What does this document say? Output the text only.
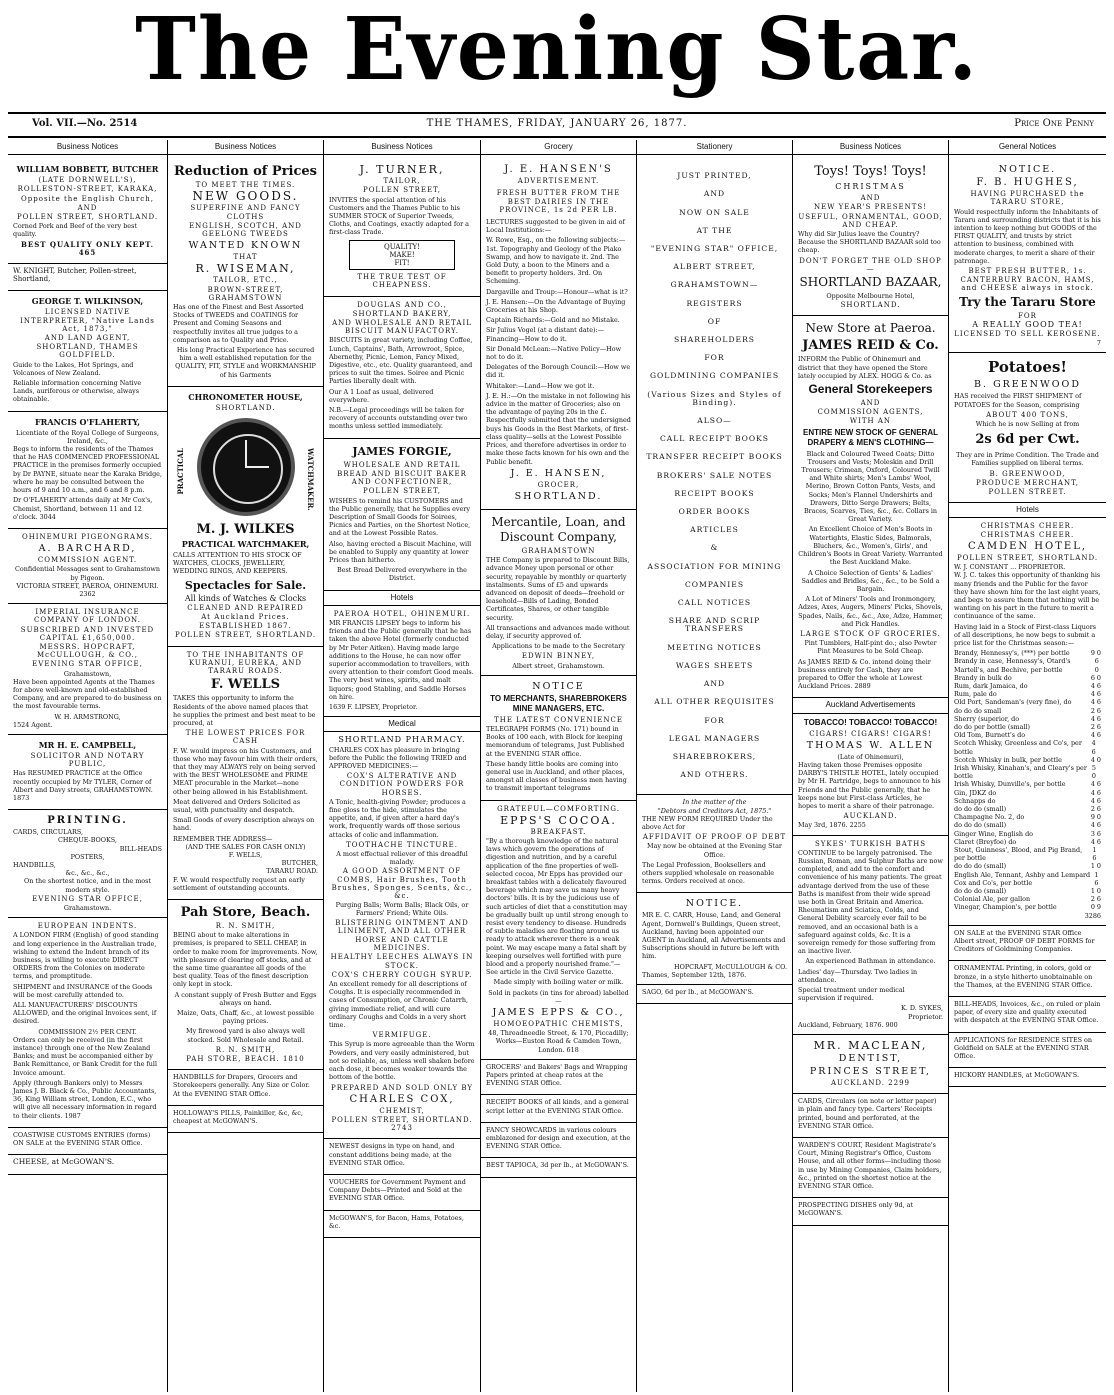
The Evening Star.
Vol. VII.—No. 2514	THE THAMES, FRIDAY, JANUARY 26, 1877.	Price One Penny
Business Notices
WILLIAM BOBBETT, BUTCHER
(LATE DORNWELL'S),
ROLLESTON-STREET, KARAKA,
Opposite the English Church,
AND
POLLEN STREET, SHORTLAND.

Corned Pork and Beef of the very best quality.

BEST QUALITY ONLY KEPT. 465

W. KNIGHT, Butcher, Pollen-street, Shortland,

GEORGE T. WILKINSON,
LICENSED NATIVE INTERPRETER, "Native Lands Act, 1873,"
AND LAND AGENT,
SHORTLAND, THAMES GOLDFIELD.

Guide to the Lakes, Hot Springs, and Volcanoes of New Zealand.

Reliable information concerning Native Lands, auriferous or otherwise, always obtainable.

FRANCIS O'FLAHERTY,
Licentiate of the Royal College of Surgeons, Ireland, &c.,

Begs to inform the residents of the Thames that he HAS COMMENCED PROFESSIONAL PRACTICE in the premises formerly occupied by Dr PAYNE, situate near the Karaka Bridge, where he may be consulted between the hours of 9 and 10 a.m., and 6 and 8 p.m.

Dr O'FLAHERTY attends daily at Mr Cox's, Chemist, Shortland, between 11 and 12 o'clock. 3044

OHINEMURI PIGEONGRAMS.
A. BARCHARD,
COMMISSION AGENT.
Confidential Messages sent to Grahamstown by Pigeon.
VICTORIA STREET, PAEROA, OHINEMURI. 2362
IMPERIAL INSURANCE COMPANY OF LONDON.
SUBSCRIBED AND INVESTED CAPITAL £1,650,000.
MESSRS. HOPCRAFT, McCULLOUGH, & CO.,
EVENING STAR OFFICE,
Grahamstown,

Have been appointed Agents at the Thames for above well-known and old-established Company, and are prepared to do business on the most favourable terms.

W. H. ARMSTRONG,
1524 Agent.
MR H. E. CAMPBELL,
SOLICITOR AND NOTARY PUBLIC,

Has RESUMED PRACTICE at the Office recently occupied by Mr TYLER, Corner of Albert and Davy streets, GRAHAMSTOWN. 1873

PRINTING.
CARDS, CIRCULARS,
CHEQUE-BOOKS,
BILL-HEADS
POSTERS,
HANDBILLS,
&c., &c., &c.,
On the shortest notice, and in the most modern style.
EVENING STAR OFFICE,
Grahamstown.
EUROPEAN INDENTS.

A LONDON FIRM (English) of good standing and long experience in the Australian trade, wishing to extend the Indent branch of its business, is willing to execute DIRECT ORDERS from the Colonies on moderate terms, and promptitude.

SHIPMENT and INSURANCE of the Goods will be most carefully attended to.

ALL MANUFACTURERS' DISCOUNTS ALLOWED, and the original Invoices sent, if desired.

COMMISSION 2½ PER CENT.

Orders can only be received (in the first instance) through one of the New Zealand Banks; and must be accompanied either by Bank Remittance, or Bank Credit for the full Invoice amount.

Apply (through Bankers only) to Messrs James J. B. Black & Co., Public Accountants, 36, King William street, London, E.C., who will give all necessary information in regard to their clients. 1987

COASTWISE CUSTOMS ENTRIES (forms) ON SALE at the EVENING STAR Office.

CHEESE, at McGOWAN'S.

Business Notices
Reduction of Prices
TO MEET THE TIMES.
NEW GOODS.
SUPERFINE AND FANCY CLOTHS
ENGLISH, SCOTCH, AND GEELONG TWEEDS
WANTED KNOWN
THAT
R. WISEMAN,
TAILOR, ETC.,
BROWN-STREET, GRAHAMSTOWN

Has one of the Finest and Best Assorted Stocks of TWEEDS and COATINGS for Present and Coming Seasons and respectfully invites all true judges to a comparison as to Quality and Price.

His long Practical Experience has secured him a well established reputation for the QUALITY, FIT, STYLE and WORKMANSHIP of his Garments

CHRONOMETER HOUSE,
SHORTLAND.
PRACTICAL	WATCHMAKER.
M. J. WILKES
PRACTICAL WATCHMAKER,

CALLS ATTENTION TO HIS STOCK OF WATCHES, CLOCKS, JEWELLERY, WEDDING RINGS, AND KEEPERS.

Spectacles for Sale.
All kinds of Watches & Clocks
CLEANED AND REPAIRED
At Auckland Prices.
ESTABLISHED 1867.
POLLEN STREET, SHORTLAND.
TO THE INHABITANTS OF KURANUI, EUREKA, AND TARARU ROADS.
F. WELLS

TAKES this opportunity to inform the Residents of the above named places that he supplies the primest and best meat to be procured, at

THE LOWEST PRICES FOR CASH

F. W. would impress on his Customers, and those who may favour him with their orders, that they may ALWAYS rely on being served with the BEST WHOLESOME and PRIME MEAT procurable in the Market—none other being allowed in his Establishment.

Meat delivered and Orders Solicited as usual, with punctuality and despatch.

Small Goods of every description always on hand.

REMEMBER THE ADDRESS—
(AND THE SALES FOR CASH ONLY)
F. WELLS,
BUTCHER,
TARARU ROAD.

F. W. would respectfully request an early settlement of outstanding accounts.

Pah Store, Beach.
R. N. SMITH,

BEING about to make alterations in premises, is prepared to SELL CHEAP, in order to make room for improvements. Now, with pleasure of clearing off stocks, and at the same time guarantee all goods of the best quality. Teas of the finest description only kept in stock.

A constant supply of Fresh Butter and Eggs always on hand.

Maize, Oats, Chaff, &c., at lowest possible paying prices.

My firewood yard is also always well stocked. Sold Wholesale and Retail.

R. N. SMITH,
PAH STORE, BEACH. 1810

HANDBILLS for Drapers, Grocers and Storekeepers generally. Any Size or Color. At the EVENING STAR Office.

HOLLOWAY'S PILLS, Painkiller, &c, &c, cheapest at McGOWAN'S.

Business Notices
J. TURNER,
TAILOR,
POLLEN STREET,

INVITES the special attention of his Customers and the Thames Public to his SUMMER STOCK of Superior Tweeds, Cloths, and Coatings, exactly adapted for a first-class Trade.

QUALITY!
MAKE!
FIT!
THE TRUE TEST OF CHEAPNESS.
DOUGLAS AND CO.,
SHORTLAND BAKERY,
AND WHOLESALE AND RETAIL BISCUIT MANUFACTORY.

BISCUITS in great variety, including Coffee, Lunch, Captains', Bath, Arrowroot, Spice, Abernethy, Picnic, Lemon, Fancy Mixed, Digestive, etc., etc. Quality guaranteed, and prices to suit the times. Soiree and Picnic Parties liberally dealt with.

Our A 1 Loaf as usual, delivered everywhere.

N.B.—Legal proceedings will be taken for recovery of accounts outstanding over two months unless settled immediately.

JAMES FORGIE,
WHOLESALE AND RETAIL
BREAD AND BISCUIT BAKER AND CONFECTIONER,
POLLEN STREET,

WISHES to remind his CUSTOMERS and the Public generally, that he Supplies every Description of Small Goods for Soirees, Picnics and Parties, on the Shortest Notice, and at the Lowest Possible Rates.

Also, having erected a Biscuit Machine, will be enabled to Supply any quantity at lower Prices than hitherto.

Best Bread Delivered everywhere in the District.

Hotels
PAEROA HOTEL, OHINEMURI.

MR FRANCIS LIPSEY begs to inform his friends and the Public generally that he has taken the above Hotel (formerly conducted by Mr Peter Aitken). Having made large additions to the House, he can now offer superior accommodation to travellers, with every attention to their comfort Good meals. The very best wines, spirits, and malt liquors; good Stabling, and Saddle Horses on hire.

1639 F. LIPSEY, Proprietor.
Medical
SHORTLAND PHARMACY.

CHARLES COX has pleasure in bringing before the Public the following TRIED and APPROVED MEDICINES:—

COX'S ALTERATIVE AND CONDITION POWDERS FOR HORSES.

A Tonic, health-giving Powder; produces a fine gloss to the hide, stimulates the appetite, and, if given after a hard day's work, frequently wards off those serious attacks of colic and inflammation.

TOOTHACHE TINCTURE.
A most effectual reliever of this dreadful malady.
A GOOD ASSORTMENT OF COMBS, Hair Brushes, Tooth Brushes, Sponges, Scents, &c., &c.
Purging Balls; Worm Balls; Black Oils, or Farmers' Friend; White Oils.
BLISTERING OINTMENT AND LINIMENT, AND ALL OTHER
HORSE AND CATTLE MEDICINES.
HEALTHY LEECHES ALWAYS IN STOCK.
COX'S CHERRY COUGH SYRUP.

An excellent remedy for all descriptions of Coughs. It is especially recommended in cases of Consumption, or Chronic Catarrh, giving immediate relief, and will cure ordinary Coughs and Colds in a very short time.

VERMIFUGE.

This Syrup is more agreeable than the Worm Powders, and very easily administered, but not so reliable, as, unless well shaken before each dose, it becomes weaker towards the bottom of the bottle.

PREPARED AND SOLD ONLY BY
CHARLES COX,
CHEMIST,
POLLEN STREET, SHORTLAND. 2743

NEWEST designs in type on hand, and constant additions being made, at the EVENING STAR Office.

VOUCHERS for Government Payment and Company Debts—Printed and Sold at the EVENING STAR Office.

McGOWAN'S, for Bacon, Hams, Potatoes, &c.

Grocery
J. E. HANSEN'S
ADVERTISEMENT.
FRESH BUTTER FROM THE BEST DAIRIES IN THE PROVINCE, 1s 2d PER LB.

LECTURES suggested to be given in aid of Local Institutions:—

W. Rowe, Esq., on the following subjects:—1st. Topography and Geology of the Piako Swamp, and how to navigate it. 2nd. The Gold Duty, a boon to the Miners and a benefit to property holders. 3rd. On Scheming.

Dargaville and Troup:—Honour—what is it?

J. E. Hansen:—On the Advantage of Buying Groceries at his Shop.

Captain Richards:—Gold and no Mistake.

Sir Julius Vogel (at a distant date):—Financing—How to do it.

Sir Donald McLean:—Native Policy—How not to do it.

Delegates of the Borough Council:—How we did it.

Whitaker:—Land—How we got it.

J. E. H.:—On the mistake in not following his advice in the matter of Groceries; also on the advantage of paying 20s in the £. Respectfully submitted that the undersigned buys his Goods in the Best Markets, of first-class quality—sells at the Lowest Possible Prices, and therefore advertises in order to make these facts known for his own and the Public benefit.

J. E. HANSEN,
GROCER,
SHORTLAND.
Mercantile, Loan, and Discount Company,
GRAHAMSTOWN

THE Company is prepared to Discount Bills, advance Money upon personal or other security, repayable by monthly or quarterly instalments. Sums of £5 and upwards advanced on deposit of deeds—freehold or leasehold—Bills of Lading, Bonded Certificates, Shares, or other tangible security.

All transactions and advances made without delay, if security approved of.

Applications to be made to the Secretary

EDWIN BINNEY,
Albert street, Grahamstown.
NOTICE
TO MERCHANTS, SHAREBROKERS MINE MANAGERS, ETC.
THE LATEST CONVENIENCE

TELEGRAPH FORMS (No. 171) bound in Books of 100 each, with Block for keeping memorandum of telegrams, Just Published at the EVENING STAR office.

These handy little books are coming into general use in Auckland, and other places, amongst all classes of business men having to transmit important telegrams

GRATEFUL—COMFORTING.
EPPS'S COCOA.
BREAKFAST.

"By a thorough knowledge of the natural laws which govern the operations of digestion and nutrition, and by a careful application of the fine properties of well-selected cocoa, Mr Epps has provided our breakfast tables with a delicately flavoured beverage which may save us many heavy doctors' bills. It is by the judicious use of such articles of diet that a constitution may be gradually built up until strong enough to resist every tendency to disease. Hundreds of subtle maladies are floating around us ready to attack wherever there is a weak point. We may escape many a fatal shaft by keeping ourselves well fortified with pure blood and a properly nourished frame."—See article in the Civil Service Gazette.

Made simply with boiling water or milk.

Sold in packets (in tins for abroad) labelled—

JAMES EPPS & CO.,
HOMOEOPATHIC CHEMISTS,
48, Threadneedle Street, & 170, Piccadilly; Works—Euston Road & Camden Town, London. 618

GROCERS' and Bakers' Bags and Wrapping Papers printed at cheap rates at the EVENING STAR Office.

RECEIPT BOOKS of all kinds, and a general script letter at the EVENING STAR Office.

FANCY SHOWCARDS in various colours emblazoned for design and execution, at the EVENING STAR Office.

BEST TAPIOCA, 3d per lb., at McGOWAN'S.

Stationery

JUST PRINTED,

AND

NOW ON SALE

AT THE

"EVENING STAR" OFFICE,

ALBERT STREET,

GRAHAMSTOWN—

REGISTERS

OF

SHAREHOLDERS

FOR

GOLDMINING COMPANIES

(Various Sizes and Styles of Binding).

ALSO—

CALL RECEIPT BOOKS

TRANSFER RECEIPT BOOKS

BROKERS' SALE NOTES

RECEIPT BOOKS

ORDER BOOKS

ARTICLES

&

ASSOCIATION FOR MINING

COMPANIES

CALL NOTICES

SHARE AND SCRIP TRANSFERS

MEETING NOTICES

WAGES SHEETS

AND

ALL OTHER REQUISITES

FOR

LEGAL MANAGERS

SHAREBROKERS,

AND OTHERS.

In the matter of the
"Debtors and Creditors Act, 1875."

THE NEW FORM REQUIRED Under the above Act for

AFFIDAVIT OF PROOF OF DEBT

May now be obtained at the Evening Star Office.

The Legal Profession, Booksellers and others supplied wholesale on reasonable terms. Orders received at once.

NOTICE.

MR E. C. CARR, House, Land, and General Agent, Dornwell's Buildings, Queen street, Auckland, having been appointed our AGENT in Auckland, all Advertisements and Subscriptions should in future be left with him.

HOPCRAFT, McCULLOUGH & CO.
Thames, September 12th, 1876.

SAGO, 6d per lb., at McGOWAN'S.

Business Notices
Toys! Toys! Toys!
CHRISTMAS
AND
NEW YEAR'S PRESENTS!
USEFUL, ORNAMENTAL, GOOD, AND CHEAP.

Why did Sir Julius leave the Country? Because the SHORTLAND BAZAAR sold too cheap.

DON'T FORGET THE OLD SHOP—
SHORTLAND BAZAAR,
Opposite Melbourne Hotel,
SHORTLAND.
New Store at Paeroa.
JAMES REID & Co.

INFORM the Public of Ohinemuri and district that they have opened the Store lately occupied by ALEX. HOGG & Co. as

General Storekeepers
AND
COMMISSION AGENTS,
WITH AN
ENTIRE NEW STOCK OF GENERAL DRAPERY & MEN'S CLOTHING—

Black and Coloured Tweed Coats; Ditto Trousers and Vests; Moleskin and Drill Trousers; Crimean, Oxford, Coloured Twill and White shirts; Men's Lambs' Wool, Merino, Brown Cotton Pants, Vests, and Socks; Men's Flannel Undershirts and Drawers, Ditto Serge Drawers; Belts, Braces, Scarves, Ties, &c., &c. Collars in Great Variety.

An Excellent Choice of Men's Boots in Watertights, Elastic Sides, Balmorals, Bluchers, &c., Women's, Girls', and Children's Boots in Great Variety. Warranted the Best Auckland Make.

A Choice Selection of Gents' & Ladies' Saddles and Bridles, &c., &c., to be Sold a Bargain.

A Lot of Miners' Tools and Ironmongery, Adzes, Axes, Augers, Miners' Picks, Shovels, Spades, Nails, &c., &c., Axe, Adze, Hammer, and Pick Handles.

LARGE STOCK OF GROCERIES.

Pint Tumblers, Half-pint do.; also Pewter Pint Measures to be Sold Cheap.

As JAMES REID & Co. intend doing their business entirely for Cash, they are prepared to Offer the whole at Lowest Auckland Prices. 2889

Auckland Advertisements
TOBACCO! TOBACCO! TOBACCO!
CIGARS! CIGARS! CIGARS!
THOMAS W. ALLEN
(Late of Ohinemuri),

Having taken those Premises opposite DARBY'S THISTLE HOTEL, lately occupied by Mr H. Partridge, begs to announce to his Friends and the Public generally, that he keeps none but First-class Articles, he hopes to merit a share of their patronage.

AUCKLAND.
May 3rd, 1876. 2255
SYKES' TURKISH BATHS

CONTINUE to be largely patronised. The Russian, Roman, and Sulphur Baths are now completed, and add to the comfort and convenience of his many patients. The great advantage derived from the use of these Baths is manifest from their wide spread use both in Great Britain and America. Rheumatism and Sciatica, Colds, and General Debility scarcely ever fail to be removed, and an occasional bath is a safeguard against colds, &c. It is a sovereign remedy for those suffering from an inactive liver.

An experienced Bathman in attendance.

Ladies' day—Thursday. Two ladies in attendance.

Special treatment under medical supervision if required.

K. D. SYKES,
Proprietor.
Auckland, February, 1876. 900
MR. MACLEAN,
DENTIST,
PRINCES STREET,
AUCKLAND. 2299

CARDS, Circulars (on note or letter paper) in plain and fancy type. Carters' Receipts printed, bound and perforated, at the EVENING STAR Office.

WARDEN'S COURT, Resident Magistrate's Court, Mining Registrar's Office, Custom House, and all other forms—including those in use by Mining Companies, Claim holders, &c., printed on the shortest notice at the EVENING STAR Office.

PROSPECTING DISHES only 9d, at McGOWAN'S.

General Notices
NOTICE.
F. B. HUGHES,
HAVING PURCHASED the TARARU STORE,

Would respectfully inform the Inhabitants of Tararu and surrounding districts that it is his intention to keep nothing but GOODS of the FIRST QUALITY, and trusts by strict attention to business, combined with moderate charges, to merit a share of their patronage.

BEST FRESH BUTTER, 1s.
CANTERBURY BACON, HAMS, and CHEESE always in stock.
Try the Tararu Store
FOR
A REALLY GOOD TEA!
LICENSED TO SELL KEROSENE.
7
Potatoes!
B. GREENWOOD

HAS received the FIRST SHIPMENT of POTATOES for the Season, comprising

ABOUT 400 TONS,
Which he is now Selling at from
2s 6d per Cwt.

They are in Prime Condition. The Trade and Families supplied on liberal terms.

B. GREENWOOD,
PRODUCE MERCHANT,
POLLEN STREET.
Hotels
CHRISTMAS CHEER. CHRISTMAS CHEER.
CAMDEN HOTEL,
POLLEN STREET, SHORTLAND.
W. J. CONSTANT ... PROPRIETOR.

W. J. C. takes this opportunity of thanking his many friends and the Public for the favor they have shown him for the last eight years, and begs to assure them that nothing will be wanting on his part in the future to merit a continuance of the same.

Having laid in a Stock of First-class Liquors of all descriptions, he now begs to submit a price list for the Christmas season:—

Brandy, Hennessy's, (***) per bottle	9 0
Brandy in case, Hennessy's, Otard's Martell's, and Bechive, per bottle
6 0
Brandy in bulk do	6 0
Rum, dark Jamaica, do	4 6
Rum, pale do	4 6
Old Port, Sandeman's (very fine), do	4 6
do do do small	2 6
Sherry (superior, do	4 6
do do per bottle (small)	2 6
Old Tom, Burnett's do	4 6
Scotch Whisky, Greenless and Co's, per bottle
4 6
Scotch Whisky in bulk, per bottle	4 0
Irish Whisky, Kinahan's, and Cleary's per bottle
5 0
Irish Whisky, Dunville's, per bottle	4 6
Gin, JDKZ do	4 6
Schnapps do	4 6
do do do (small)	2 6
Champagne No. 2, do	9 0
do do do (small)	4 6
Ginger Wine, English do	3 6
Claret (Breyfoe) do	4 6
Stout, Guinness', Blood, and Pig Brand, per bottle
1 6
do do do (small)	1 0
English Ale, Tennant, Ashby and Lempard Cox and Co's, per bottle
1 6
do do do (small)	1 0
Colonial Ale, per gallon	2 6
Vinegar, Champion's, per bottle	0 9
3286

ON SALE at the EVENING STAR Office Albert street, PROOF OF DEBT FORMS for Creditors of Goldmining Companies.

ORNAMENTAL Printing, in colors, gold or bronze, in a style hitherto unobtainable on the Thames, at the EVENING STAR Office.

BILL-HEADS, Invoices, &c., on ruled or plain paper, of every size and quality executed with despatch at the EVENING STAR Office.

APPLICATIONS for RESIDENCE SITES on Goldfield on SALE at the EVENING STAR Office.

HICKORY HANDLES, at McGOWAN'S.
